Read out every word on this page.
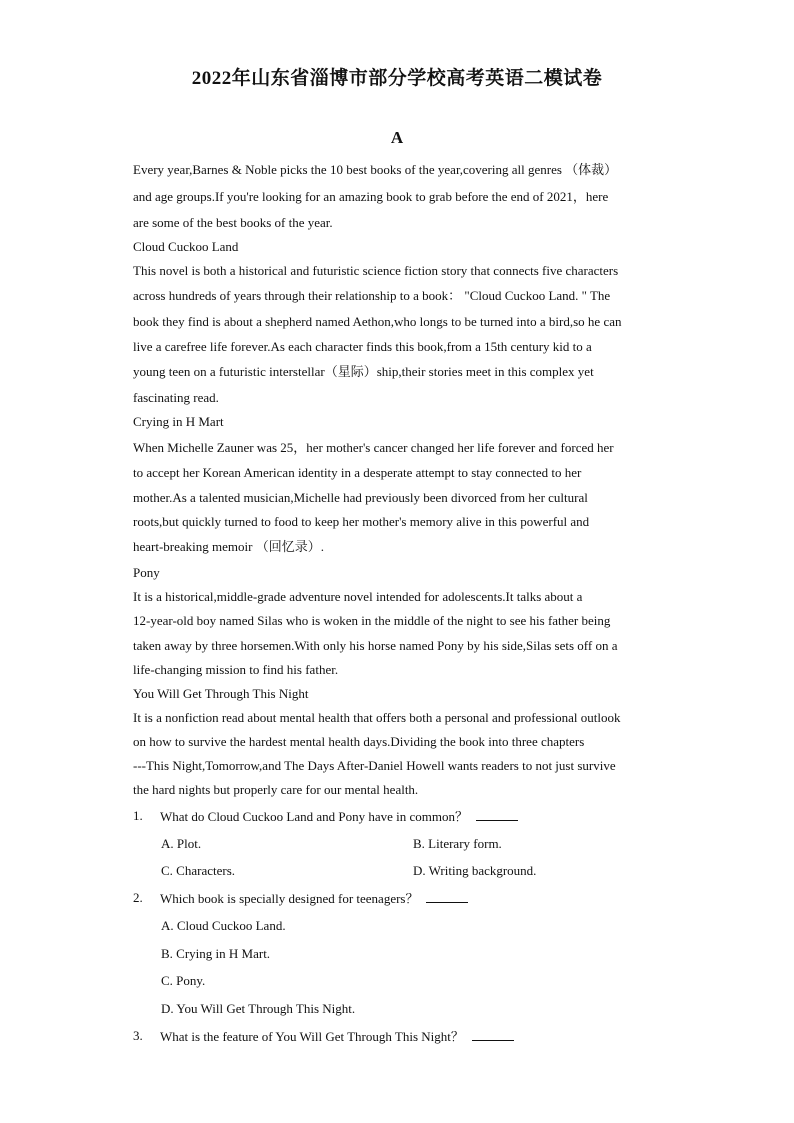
2022年山东省淄博市部分学校高考英语二模试卷
A
Every year,Barnes & Noble picks the 10 best books of the year,covering all genres （体裁）
and age groups.If you're looking for an amazing book to grab before the end of 2021，here
are some of the best books of the year.
Cloud Cuckoo Land
This novel is both a historical and futuristic science fiction story that connects five characters
across hundreds of years through their relationship to a book： "Cloud Cuckoo Land. " The
book they find is about a shepherd named Aethon,who longs to be turned into a bird,so he can
live a carefree life forever.As each character finds this book,from a 15th century kid to a
young teen on a futuristic interstellar（星际）ship,their stories meet in this complex yet
fascinating read.
Crying in H Mart
When Michelle Zauner was 25，her mother's cancer changed her life forever and forced her
to accept her Korean American identity in a desperate attempt to stay connected to her
mother.As a talented musician,Michelle had previously been divorced from her cultural
roots,but quickly turned to food to keep her mother's memory alive in this powerful and
heart-breaking memoir （回忆录）.
Pony
It is a historical,middle-grade adventure novel intended for adolescents.It talks about a
12-year-old boy named Silas who is woken in the middle of the night to see his father being
taken away by three horsemen.With only his horse named Pony by his side,Silas sets off on a
life-changing mission to find his father.
You Will Get Through This Night
It is a nonfiction read about mental health that offers both a personal and professional outlook
on how to survive the hardest mental health days.Dividing the book into three chapters
---This Night,Tomorrow,and The Days After-Daniel Howell wants readers to not just survive
the hard nights but properly care for our mental health.
1. What do Cloud Cuckoo Land and Pony have in common？
A. Plot.	B. Literary form.
C. Characters.	D. Writing background.
2. Which book is specially designed for teenagers？
A. Cloud Cuckoo Land.
B. Crying in H Mart.
C. Pony.
D. You Will Get Through This Night.
3. What is the feature of You Will Get Through This Night？
